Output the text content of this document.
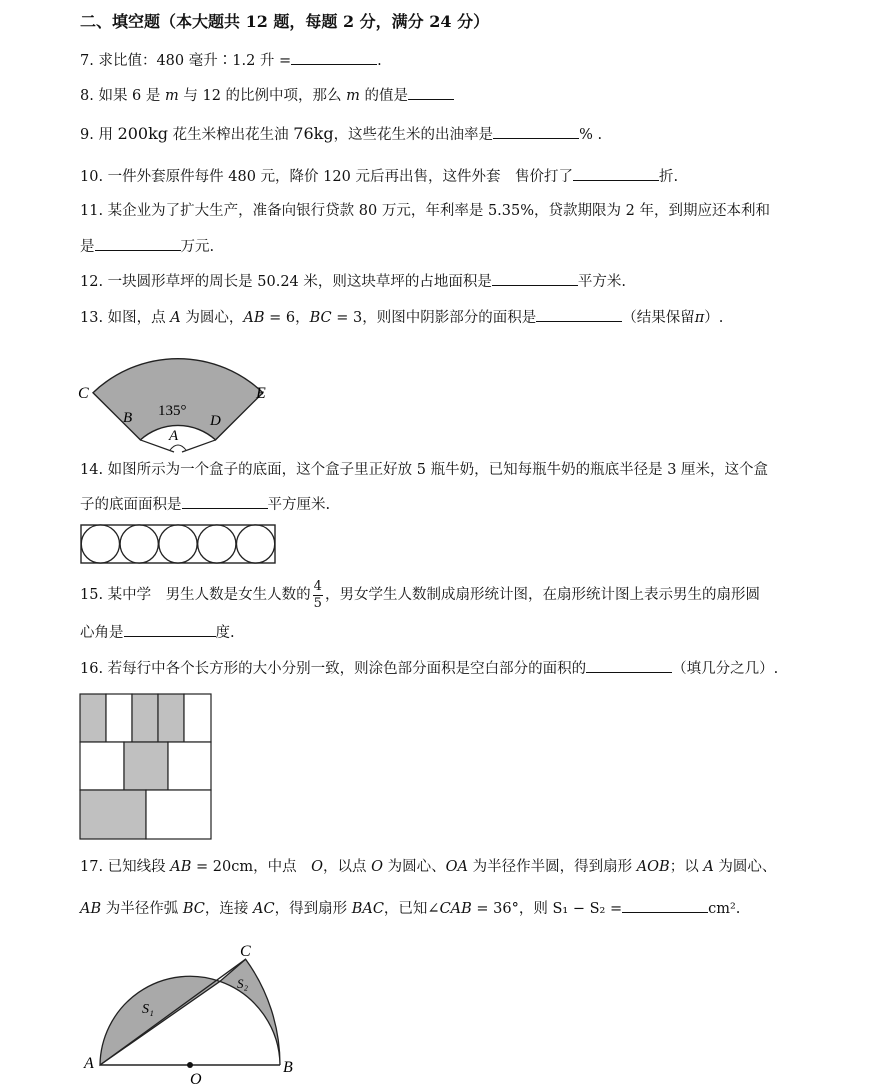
二、填空题（本大题共 12 题，每题 2 分，满分 24 分）
7. 求比值：480 毫升∶1.2 升 =	.
8. 如果 6 是 m 与 12 的比例中项，那么 m 的值是
9. 用 200kg 花生米榨出花生油 76kg，这些花生米的出油率是	% .
10. 一件外套原件每件 480 元，降价 120 元后再出售，这件外套　售价打了	折.
11. 某企业为了扩大生产，准备向银行贷款 80 万元，年利率是 5.35%，贷款期限为 2 年，到期应还本利和
是	万元.
12. 一块圆形草坪的周长是 50.24 米，则这块草坪的占地面积是	平方米.
13. 如图，点 A 为圆心，AB = 6，BC = 3，则图中阴影部分的面积是	（结果保留π）.
C	E
B	D
A
135°
14. 如图所示为一个盒子的底面，这个盒子里正好放 5 瓶牛奶，已知每瓶牛奶的瓶底半径是 3 厘米，这个盒
子的底面面积是	平方厘米.
15. 某中学　男生人数是女生人数的 $\frac{4}{5}$ ，男女学生人数制成扇形统计图，在扇形统计图上表示男生的扇形圆
心角是	度.
16. 若每行中各个长方形的大小分别一致，则涂色部分面积是空白部分的面积的	（填几分之几）.
17. 已知线段 AB = 20cm，中点　O，以点 O 为圆心、OA 为半径作半圆，得到扇形 AOB；以 A 为圆心、
AB 为半径作弧 BC，连接 AC，得到扇形 BAC，已知∠CAB = 36°，则 S₁ − S₂ =	cm².
C
A	B
O
S₁
S₂
